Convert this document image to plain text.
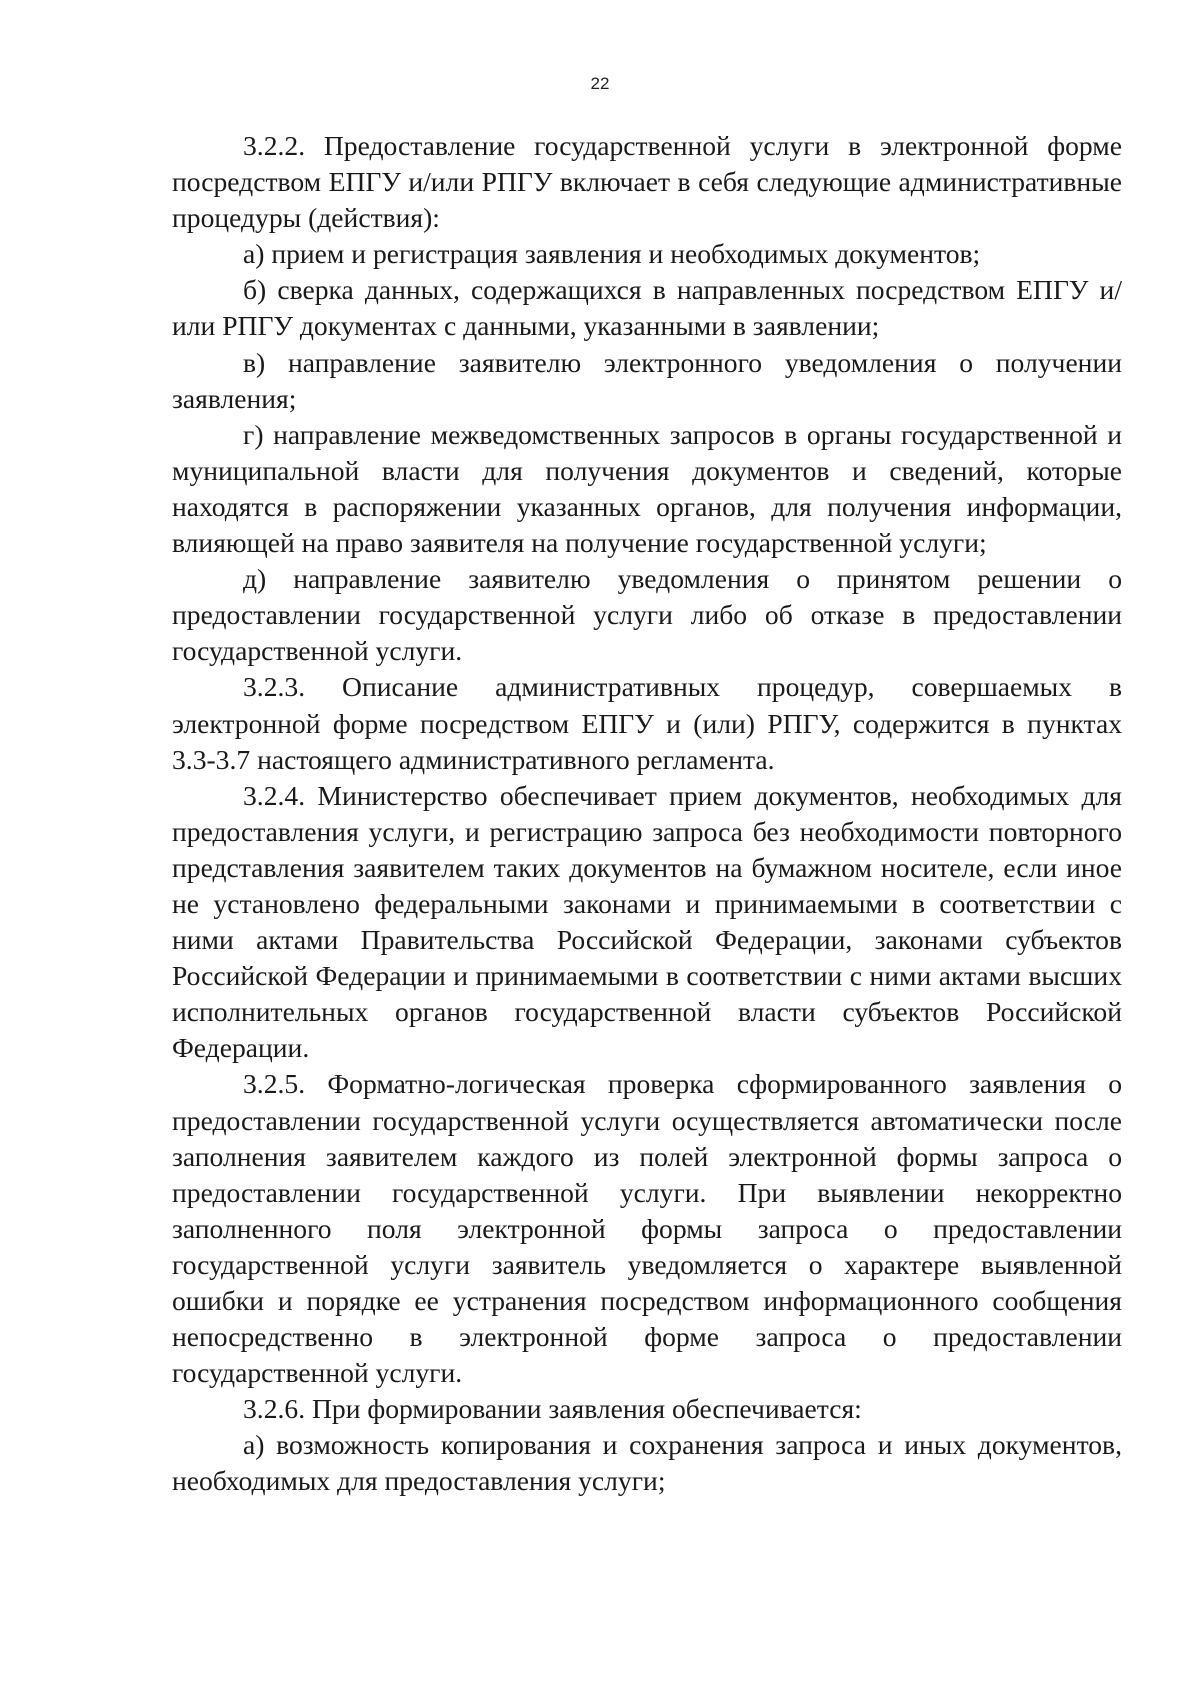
22

3.2.2. Предоставление государственной услуги в электронной форме посредством ЕПГУ и/или РПГУ включает в себя следующие административные процедуры (действия):

а) прием и регистрация заявления и необходимых документов;

б) сверка данных, содержащихся в направленных посредством ЕПГУ и/или РПГУ документах с данными, указанными в заявлении;

в) направление заявителю электронного уведомления о получении заявления;

г) направление межведомственных запросов в органы государственной и муниципальной власти для получения документов и сведений, которые находятся в распоряжении указанных органов, для получения информации, влияющей на право заявителя на получение государственной услуги;

д) направление заявителю уведомления о принятом решении о предоставлении государственной услуги либо об отказе в предоставлении государственной услуги.

3.2.3. Описание административных процедур, совершаемых в электронной форме посредством ЕПГУ и (или) РПГУ, содержится в пунктах 3.3-3.7 настоящего административного регламента.

3.2.4. Министерство обеспечивает прием документов, необходимых для предоставления услуги, и регистрацию запроса без необходимости повторного представления заявителем таких документов на бумажном носителе, если иное не установлено федеральными законами и принимаемыми в соответствии с ними актами Правительства Российской Федерации, законами субъектов Российской Федерации и принимаемыми в соответствии с ними актами высших исполнительных органов государственной власти субъектов Российской Федерации.

3.2.5. Форматно-логическая проверка сформированного заявления о предоставлении государственной услуги осуществляется автоматически после заполнения заявителем каждого из полей электронной формы запроса о предоставлении государственной услуги. При выявлении некорректно заполненного поля электронной формы запроса о предоставлении государственной услуги заявитель уведомляется о характере выявленной ошибки и порядке ее устранения посредством информационного сообщения непосредственно в электронной форме запроса о предоставлении государственной услуги.

3.2.6. При формировании заявления обеспечивается:

а) возможность копирования и сохранения запроса и иных документов, необходимых для предоставления услуги;
